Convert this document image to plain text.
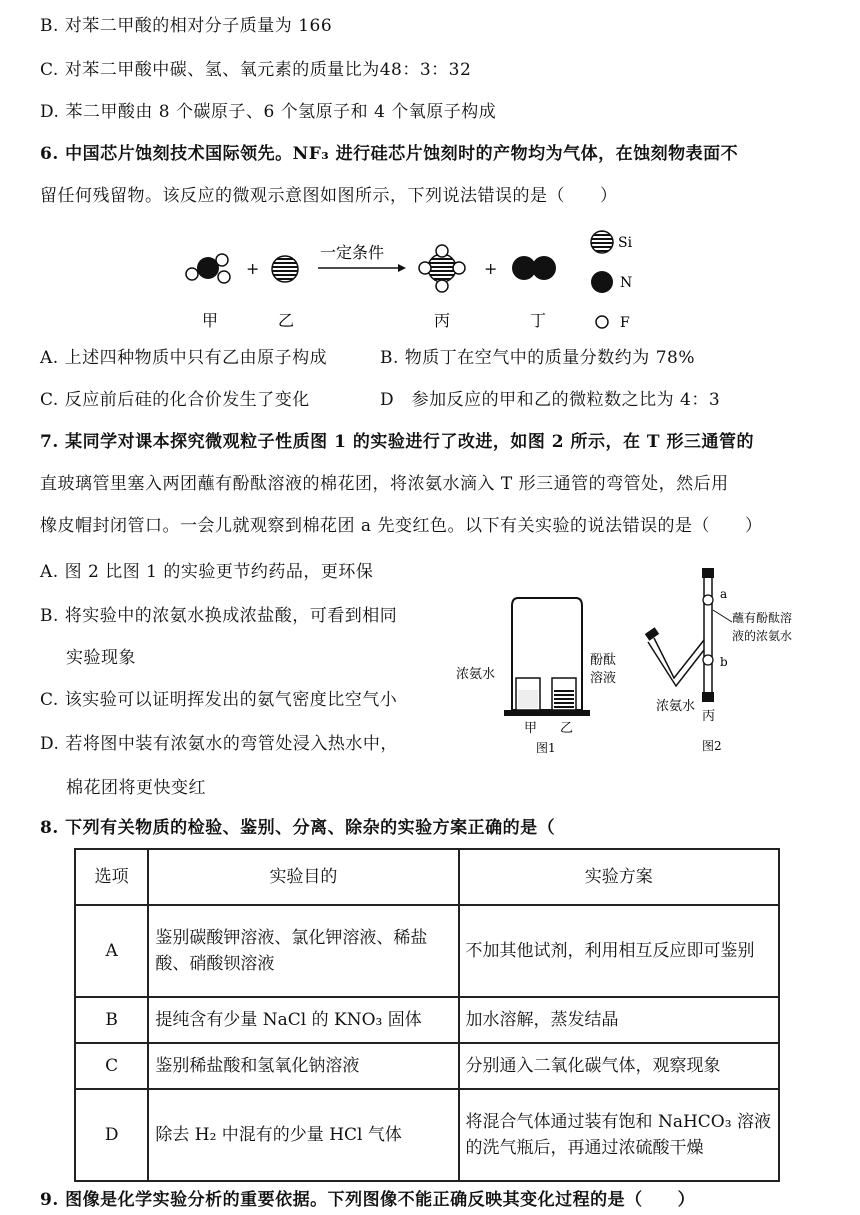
B. 对苯二甲酸的相对分子质量为 166
C. 对苯二甲酸中碳、氢、氧元素的质量比为48：3：32
D. 苯二甲酸由 8 个碳原子、6 个氢原子和 4 个氧原子构成
6. 中国芯片蚀刻技术国际领先。NF₃ 进行硅芯片蚀刻时的产物均为气体，在蚀刻物表面不
留任何残留物。该反应的微观示意图如图所示，下列说法错误的是（　　）
+
一定条件
+
Si
N
F
甲	乙	丙	丁
A. 上述四种物质中只有乙由原子构成	B. 物质丁在空气中的质量分数约为 78%
C. 反应前后硅的化合价发生了变化	D　参加反应的甲和乙的微粒数之比为 4：3
7. 某同学对课本探究微观粒子性质图 1 的实验进行了改进，如图 2 所示，在 T 形三通管的
直玻璃管里塞入两团蘸有酚酞溶液的棉花团，将浓氨水滴入 T 形三通管的弯管处，然后用
橡皮帽封闭管口。一会儿就观察到棉花团 a 先变红色。以下有关实验的说法错误的是（　　）
A. 图 2 比图 1 的实验更节约药品，更环保
B. 将实验中的浓氨水换成浓盐酸，可看到相同
实验现象
C. 该实验可以证明挥发出的氨气密度比空气小
D. 若将图中装有浓氨水的弯管处浸入热水中，
棉花团将更快变红
浓氨水
酚酞
溶液
甲 乙
图1
a
b
蘸有酚酞溶
液的浓氨水
浓氨水
丙
图2
8. 下列有关物质的检验、鉴别、分离、除杂的实验方案正确的是（
选项	实验目的	实验方案
A	鉴别碳酸钾溶液、氯化钾溶液、稀盐酸、硝酸钡溶液	不加其他试剂，利用相互反应即可鉴别
B	提纯含有少量 NaCl 的 KNO₃ 固体	加水溶解，蒸发结晶
C	鉴别稀盐酸和氢氧化钠溶液	分别通入二氧化碳气体，观察现象
D	除去 H₂ 中混有的少量 HCl 气体	将混合气体通过装有饱和 NaHCO₃ 溶液的洗气瓶后，再通过浓硫酸干燥
9. 图像是化学实验分析的重要依据。下列图像不能正确反映其变化过程的是（　　）
